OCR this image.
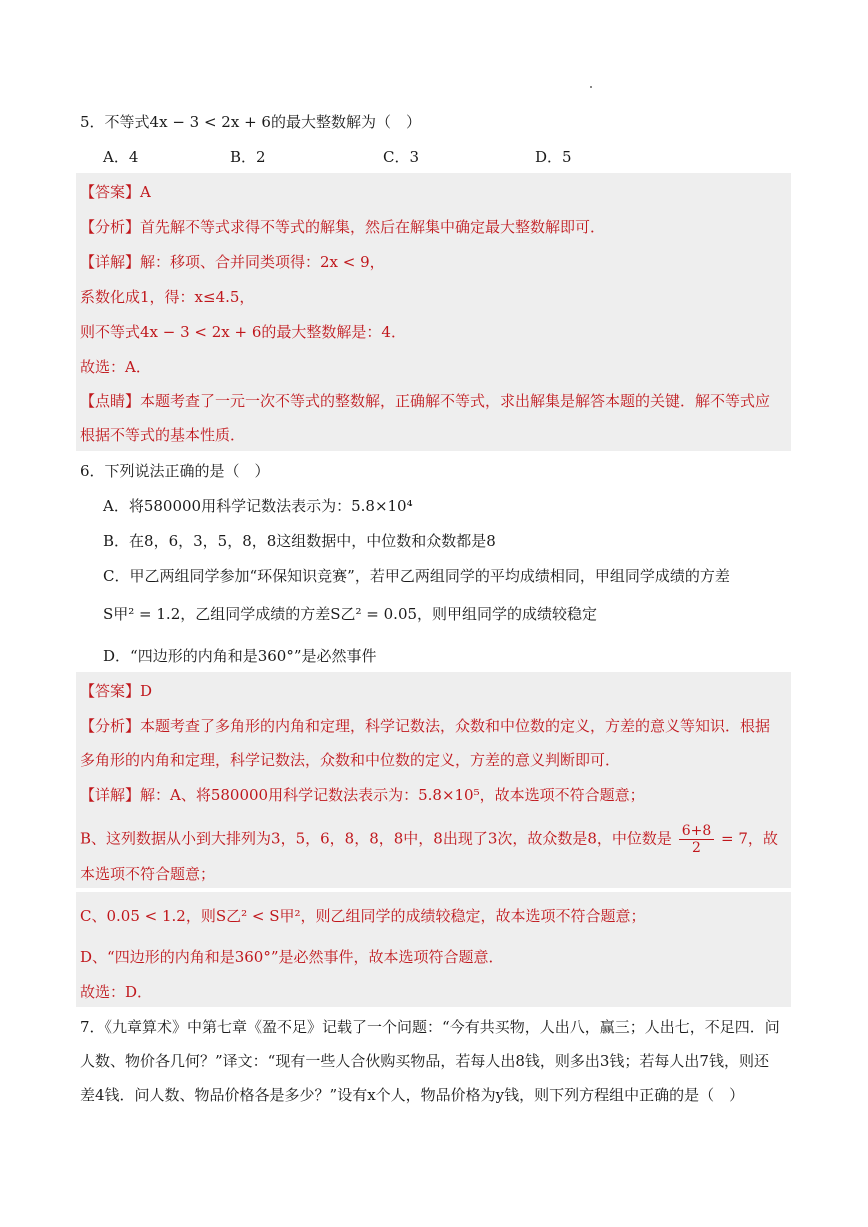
5．不等式4x − 3 < 2x + 6的最大整数解为（　）
A．4	B．2	C．3	D．5
【答案】A
【分析】首先解不等式求得不等式的解集，然后在解集中确定最大整数解即可．
【详解】解：移项、合并同类项得：2x < 9，
系数化成1，得：x≤4.5，
则不等式4x − 3 < 2x + 6的最大整数解是：4．
故选：A．
【点睛】本题考查了一元一次不等式的整数解，正确解不等式，求出解集是解答本题的关键．解不等式应
根据不等式的基本性质．
6．下列说法正确的是（　）
A．将580000用科学记数法表示为：5.8×10⁴
B．在8，6，3，5，8，8这组数据中，中位数和众数都是8
C．甲乙两组同学参加“环保知识竞赛”，若甲乙两组同学的平均成绩相同，甲组同学成绩的方差
S甲² = 1.2，乙组同学成绩的方差S乙² = 0.05，则甲组同学的成绩较稳定
D．“四边形的内角和是360°”是必然事件
【答案】D
【分析】本题考查了多角形的内角和定理，科学记数法，众数和中位数的定义，方差的意义等知识．根据
多角形的内角和定理，科学记数法，众数和中位数的定义，方差的意义判断即可．
【详解】解：A、将580000用科学记数法表示为：5.8×10⁵，故本选项不符合题意；
B、这列数据从小到大排列为3，5，6，8，8，8中，8出现了3次，故众数是8，中位数是 $\frac{6+8}{2} = 7$，故
本选项不符合题意；
C、0.05 < 1.2，则S乙² < S甲²，则乙组同学的成绩较稳定，故本选项不符合题意；
D、“四边形的内角和是360°”是必然事件，故本选项符合题意．
故选：D．
7．《九章算术》中第七章《盈不足》记载了一个问题：“今有共买物，人出八，赢三；人出七，不足四．问
人数、物价各几何？”译文：“现有一些人合伙购买物品，若每人出8钱，则多出3钱；若每人出7钱，则还
差4钱．问人数、物品价格各是多少？”设有x个人，物品价格为y钱，则下列方程组中正确的是（　）
